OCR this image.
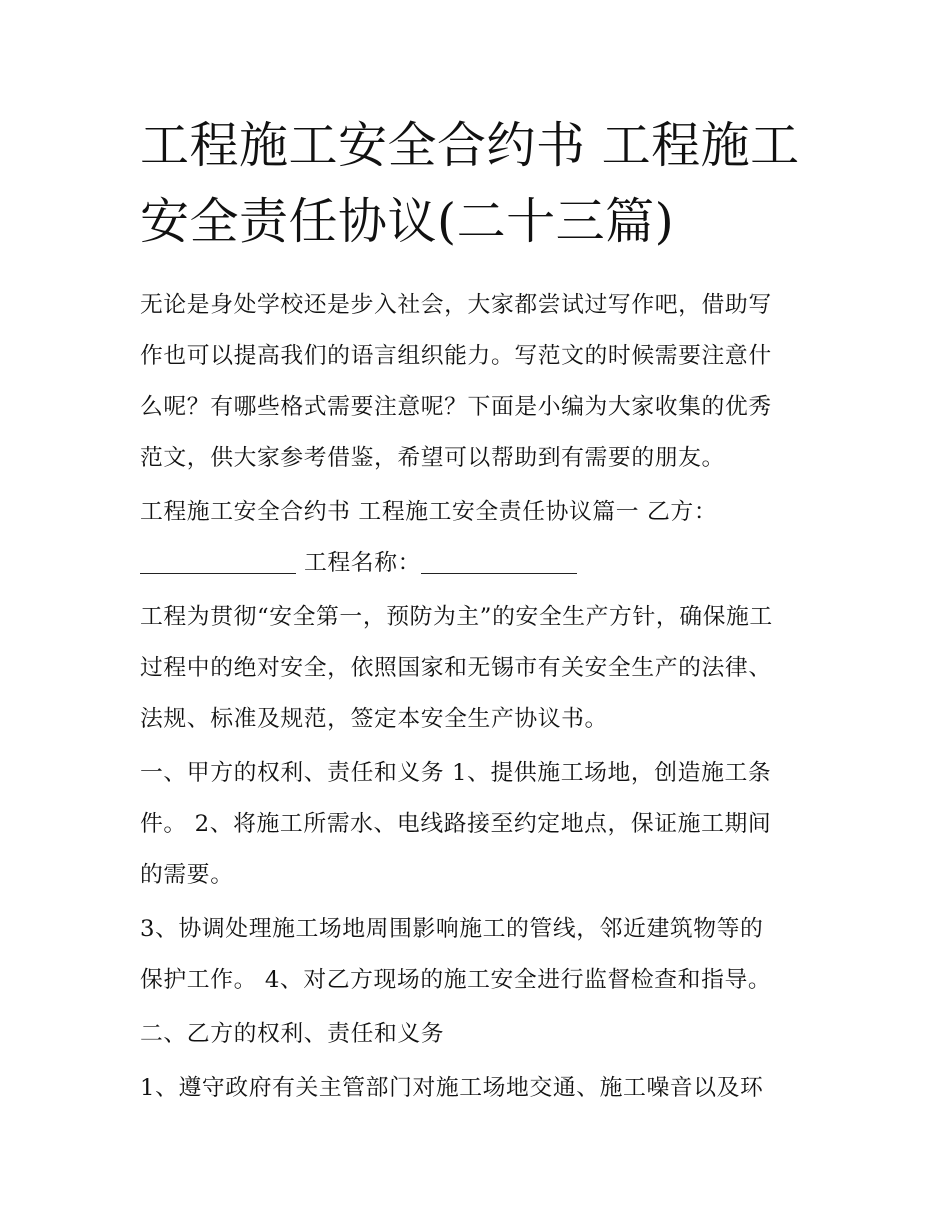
工程施工安全合约书 工程施工
安全责任协议(二十三篇)

无论是身处学校还是步入社会，大家都尝试过写作吧，借助写
作也可以提高我们的语言组织能力。写范文的时候需要注意什
么呢？有哪些格式需要注意呢？下面是小编为大家收集的优秀
范文，供大家参考借鉴，希望可以帮助到有需要的朋友。

工程施工安全合约书 工程施工安全责任协议篇一 乙方：
工程名称：

工程为贯彻“安全第一，预防为主”的安全生产方针，确保施工
过程中的绝对安全，依照国家和无锡市有关安全生产的法律、
法规、标准及规范，签定本安全生产协议书。

一、甲方的权利、责任和义务 1、提供施工场地，创造施工条
件。 2、将施工所需水、电线路接至约定地点，保证施工期间
的需要。

3、协调处理施工场地周围影响施工的管线，邻近建筑物等的
保护工作。 4、对乙方现场的施工安全进行监督检查和指导。

二、乙方的权利、责任和义务

1、遵守政府有关主管部门对施工场地交通、施工噪音以及环
